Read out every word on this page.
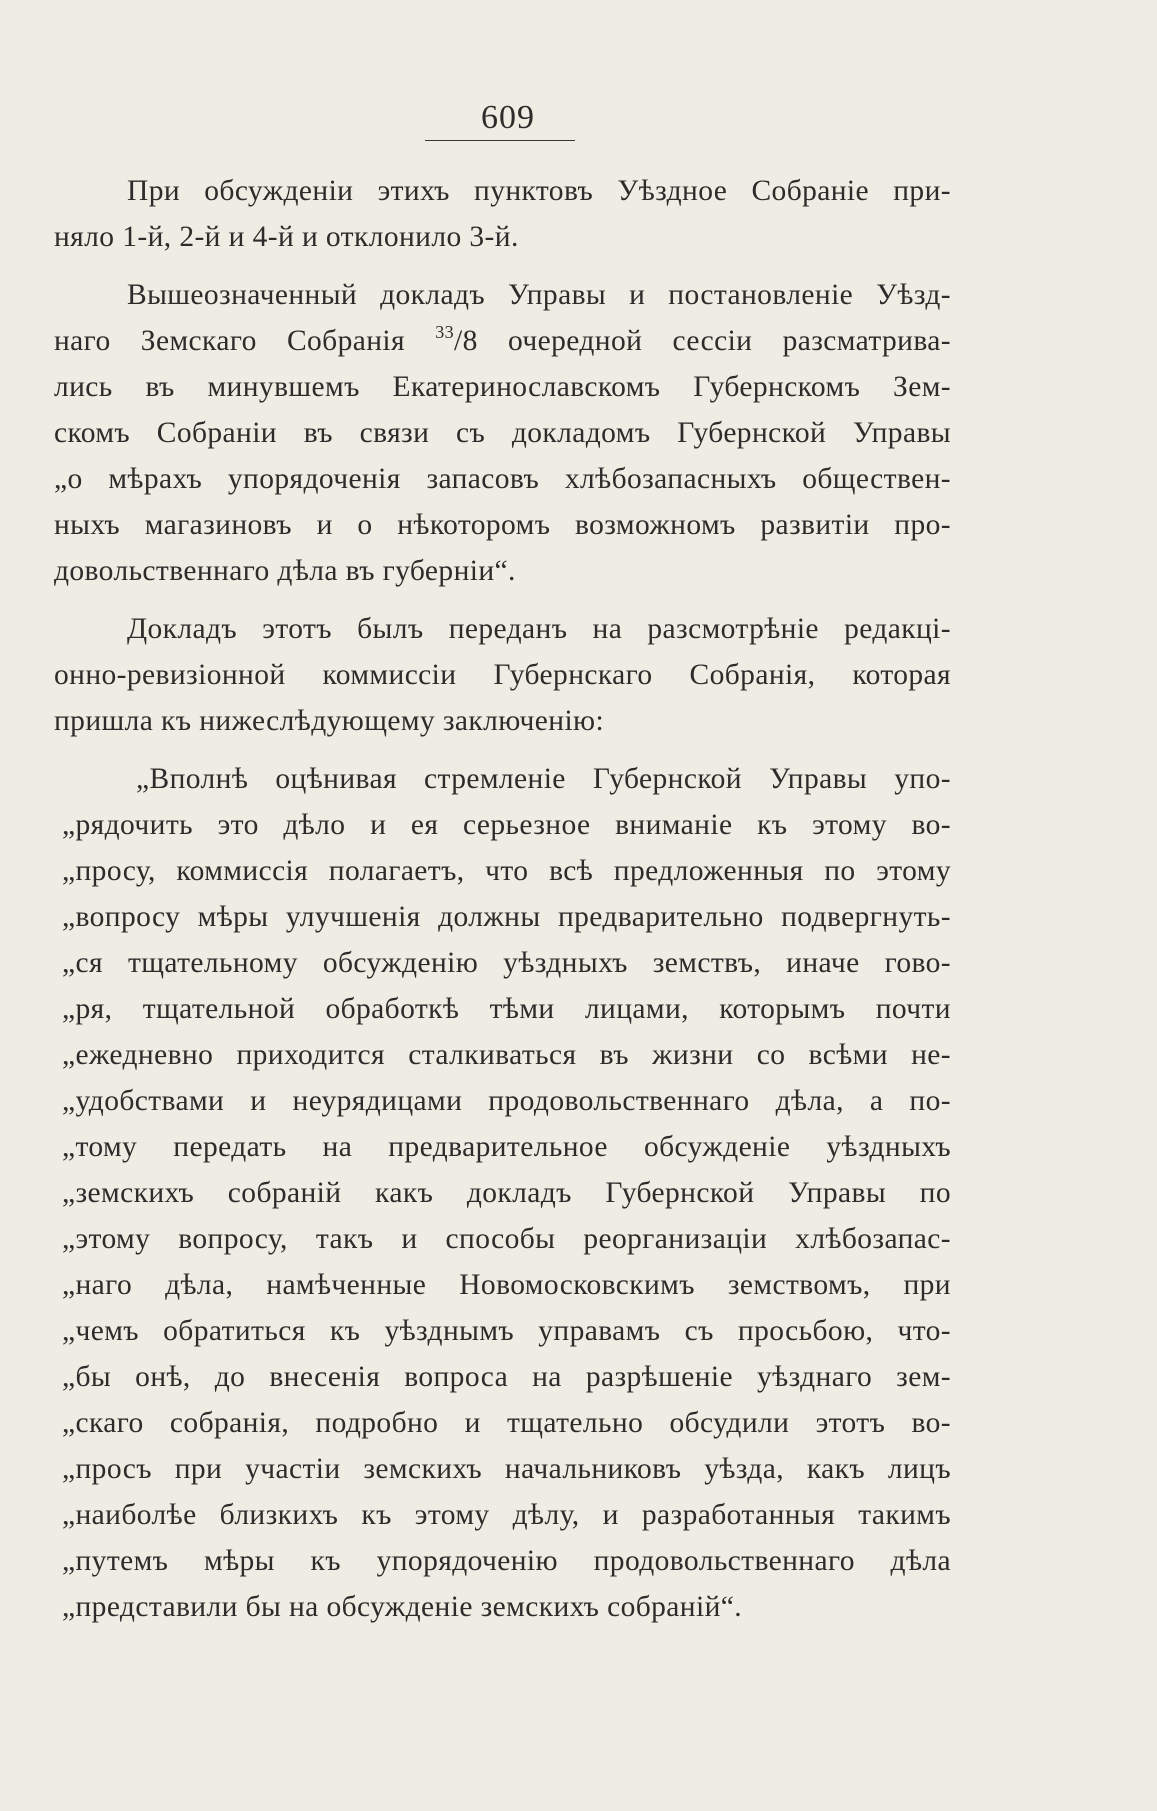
609
При обсужденіи этихъ пунктовъ Уѣздное Собраніе при-
няло 1-й, 2-й и 4-й и отклонило 3-й.
Вышеозначенный докладъ Управы и постановленіе Уѣзд-
наго Земскаго Собранія $^{33}$/8 очередной сессіи разсматрива-
лись въ минувшемъ Екатеринославскомъ Губернскомъ Зем-
скомъ Собраніи въ связи съ докладомъ Губернской Управы
„о мѣрахъ упорядоченія запасовъ хлѣбозапасныхъ обществен-
ныхъ магазиновъ и о нѣкоторомъ возможномъ развитіи про-
довольственнаго дѣла въ губерніи“.
Докладъ этотъ былъ переданъ на разсмотрѣніе редакці-
онно-ревизіонной коммиссіи Губернскаго Собранія, которая
пришла къ нижеслѣдующему заключенію:
„Вполнѣ оцѣнивая стремленіе Губернской Управы упо-
„рядочить это дѣло и ея серьезное вниманіе къ этому во-
„просу, коммиссія полагаетъ, что всѣ предложенныя по этому
„вопросу мѣры улучшенія должны предварительно подвергнуть-
„ся тщательному обсужденію уѣздныхъ земствъ, иначе гово-
„ря, тщательной обработкѣ тѣми лицами, которымъ почти
„ежедневно приходится сталкиваться въ жизни со всѣми не-
„удобствами и неурядицами продовольственнаго дѣла, а по-
„тому передать на предварительное обсужденіе уѣздныхъ
„земскихъ собраній какъ докладъ Губернской Управы по
„этому вопросу, такъ и способы реорганизаціи хлѣбозапас-
„наго дѣла, намѣченные Новомосковскимъ земствомъ, при
„чемъ обратиться къ уѣзднымъ управамъ съ просьбою, что-
„бы онѣ, до внесенія вопроса на разрѣшеніе уѣзднаго зем-
„скаго собранія, подробно и тщательно обсудили этотъ во-
„просъ при участіи земскихъ начальниковъ уѣзда, какъ лицъ
„наиболѣе близкихъ къ этому дѣлу, и разработанныя такимъ
„путемъ мѣры къ упорядоченію продовольственнаго дѣла
„представили бы на обсужденіе земскихъ собраній“.
